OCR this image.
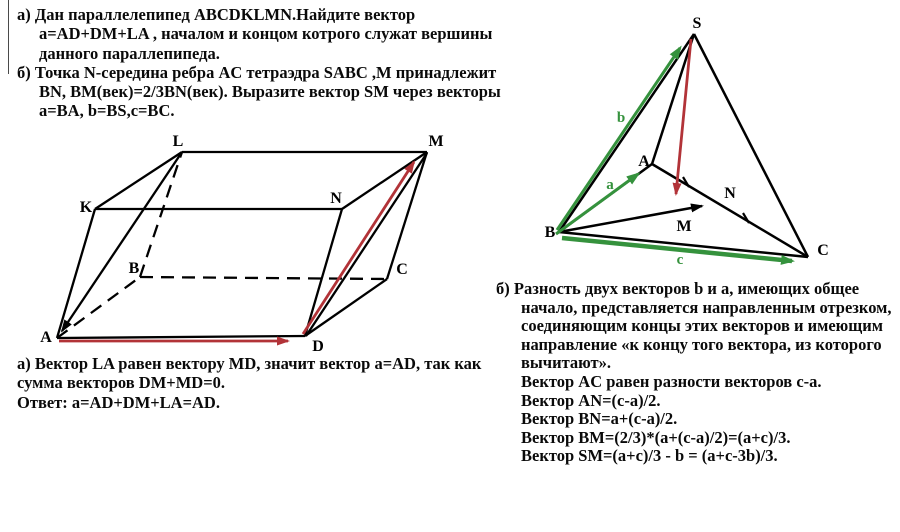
а) Дан параллелепипед ABCDKLMN.Найдите вектор
a=AD+DM+LA , началом и концом котрого служат вершины
данного параллепипеда.
б) Точка N-середина ребра AC тетраэдра SABC ,M принадлежит
BN, BM(век)=2/3BN(век). Выразите вектор SM через векторы
a=BA, b=BS,c=BC.
а) Вектор LA равен вектору MD, значит вектор a=AD, так как
сумма векторов DM+MD=0.
Ответ: a=AD+DM+LA=AD.
б) Разность двух векторов b и a, имеющих общее
начало, представляется направленным отрезком,
соединяющим концы этих векторов и имеющим
направление «к концу того вектора, из которого
вычитают».
Вектор AC равен разности векторов c-a.
Вектор AN=(c-a)/2.
Вектор BN=a+(c-a)/2.
Вектор BM=(2/3)*(a+(c-a)/2)=(a+c)/3.
Вектор SM=(a+c)/3 - b = (a+c-3b)/3.
A
B	C
D
K
L	M
N
S
A
B
C
N
M
b
a
c
